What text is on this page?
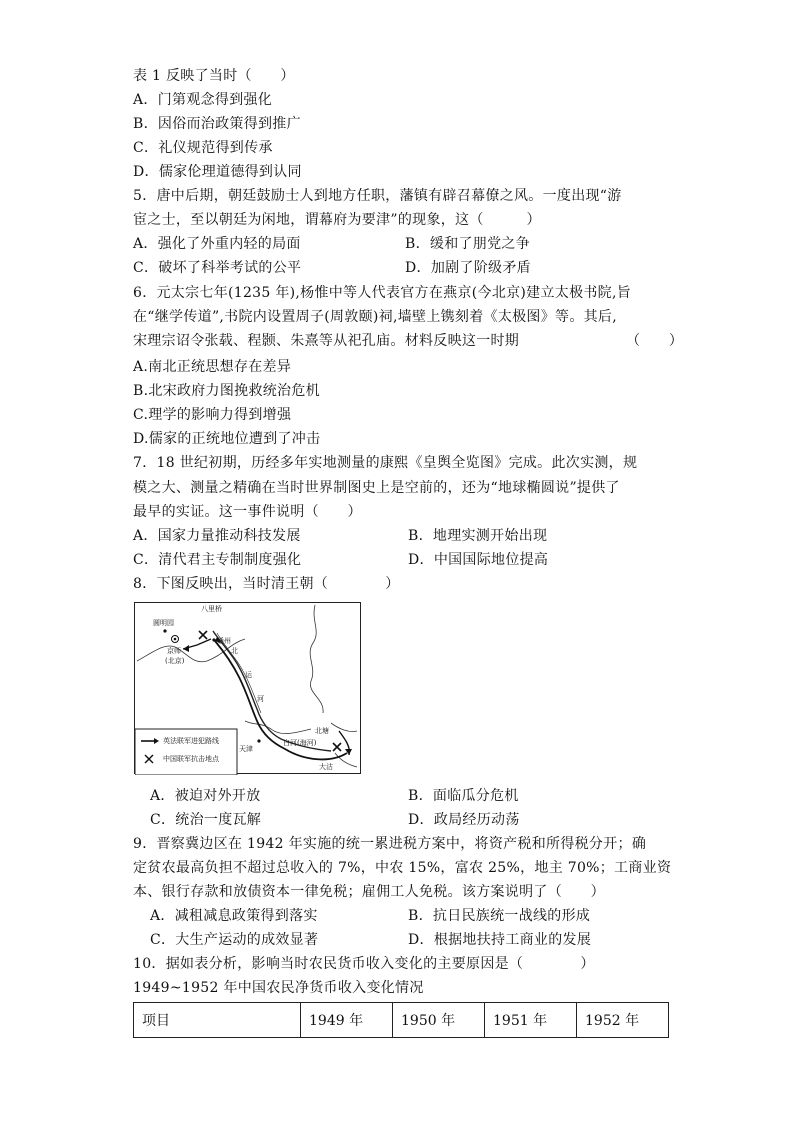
表 1 反映了当时（　　）
A．门第观念得到强化
B．因俗而治政策得到推广
C．礼仪规范得到传承
D．儒家伦理道德得到认同
5．唐中后期，朝廷鼓励士人到地方任职，藩镇有辟召幕僚之风。一度出现“游
宦之士，至以朝廷为闲地，谓幕府为要津”的现象，这（　　　）
A．强化了外重内轻的局面	B．缓和了朋党之争
C．破坏了科举考试的公平	D．加剧了阶级矛盾
6．元太宗七年(1235 年),杨惟中等人代表官方在燕京(今北京)建立太极书院,旨
在“继学传道”,书院内设置周子(周敦颐)祠,墙壁上镌刻着《太极图》等。其后,
宋理宗诏令张载、程颢、朱熹等从祀孔庙。材料反映这一时期	（　　）
A.南北正统思想存在差异
B.北宋政府力图挽救统治危机
C.理学的影响力得到增强
D.儒家的正统地位遭到了冲击
7．18 世纪初期，历经多年实地测量的康熙《皇舆全览图》完成。此次实测，规
模之大、测量之精确在当时世界制图史上是空前的，还为“地球椭圆说”提供了
最早的实证。这一事件说明（　　）
A．国家力量推动科技发展	B．地理实测开始出现
C．清代君主专制制度强化	D．中国国际地位提高
8．下图反映出，当时清王朝（　　　　）
八里桥
圆明园
通州
京师
(北京)
北
运
河
天津
白河(海河)
北塘
大沽
英法联军进犯路线
中国联军抗击地点
A．被迫对外开放	B．面临瓜分危机
C．统治一度瓦解	D．政局经历动荡
9．晋察冀边区在 1942 年实施的统一累进税方案中，将资产税和所得税分开；确
定贫农最高负担不超过总收入的 7%，中农 15%，富农 25%，地主 70%；工商业资
本、银行存款和放债资本一律免税；雇佣工人免税。该方案说明了（　　）
A．减租减息政策得到落实	B．抗日民族统一战线的形成
C．大生产运动的成效显著	D．根据地扶持工商业的发展
10．据如表分析，影响当时农民货币收入变化的主要原因是（　　　　）
1949~1952 年中国农民净货币收入变化情况
项目	1949 年	1950 年	1951 年	1952 年
